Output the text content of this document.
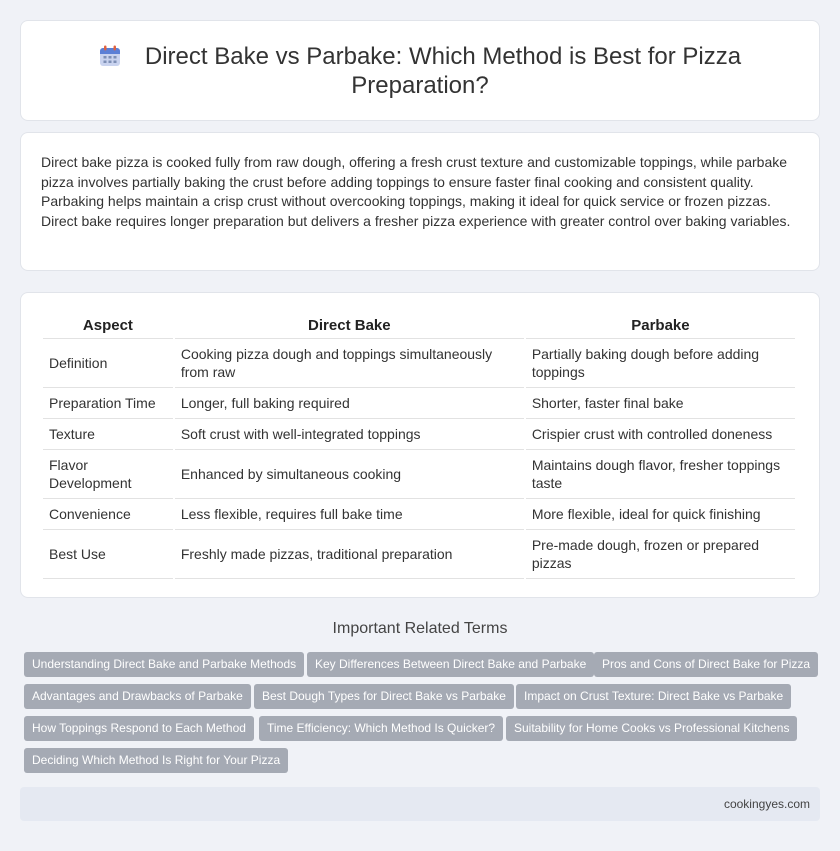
Direct Bake vs Parbake: Which Method is Best for Pizza Preparation?

Direct bake pizza is cooked fully from raw dough, offering a fresh crust texture and customizable toppings, while parbake pizza involves partially baking the crust before adding toppings to ensure faster final cooking and consistent quality. Parbaking helps maintain a crisp crust without overcooking toppings, making it ideal for quick service or frozen pizzas. Direct bake requires longer preparation but delivers a fresher pizza experience with greater control over baking variables.

Aspect	Direct Bake	Parbake
Definition	Cooking pizza dough and toppings simultaneously from raw	Partially baking dough before adding toppings
Preparation Time	Longer, full baking required	Shorter, faster final bake
Texture	Soft crust with well-integrated toppings	Crispier crust with controlled doneness
Flavor Development	Enhanced by simultaneous cooking	Maintains dough flavor, fresher toppings taste
Convenience	Less flexible, requires full bake time	More flexible, ideal for quick finishing
Best Use	Freshly made pizzas, traditional preparation	Pre-made dough, frozen or prepared pizzas
Important Related Terms
Understanding Direct Bake and Parbake Methods	Key Differences Between Direct Bake and Parbake	Pros and Cons of Direct Bake for Pizza
Advantages and Drawbacks of Parbake	Best Dough Types for Direct Bake vs Parbake	Impact on Crust Texture: Direct Bake vs Parbake
How Toppings Respond to Each Method	Time Efficiency: Which Method Is Quicker?	Suitability for Home Cooks vs Professional Kitchens
Deciding Which Method Is Right for Your Pizza
cookingyes.com
